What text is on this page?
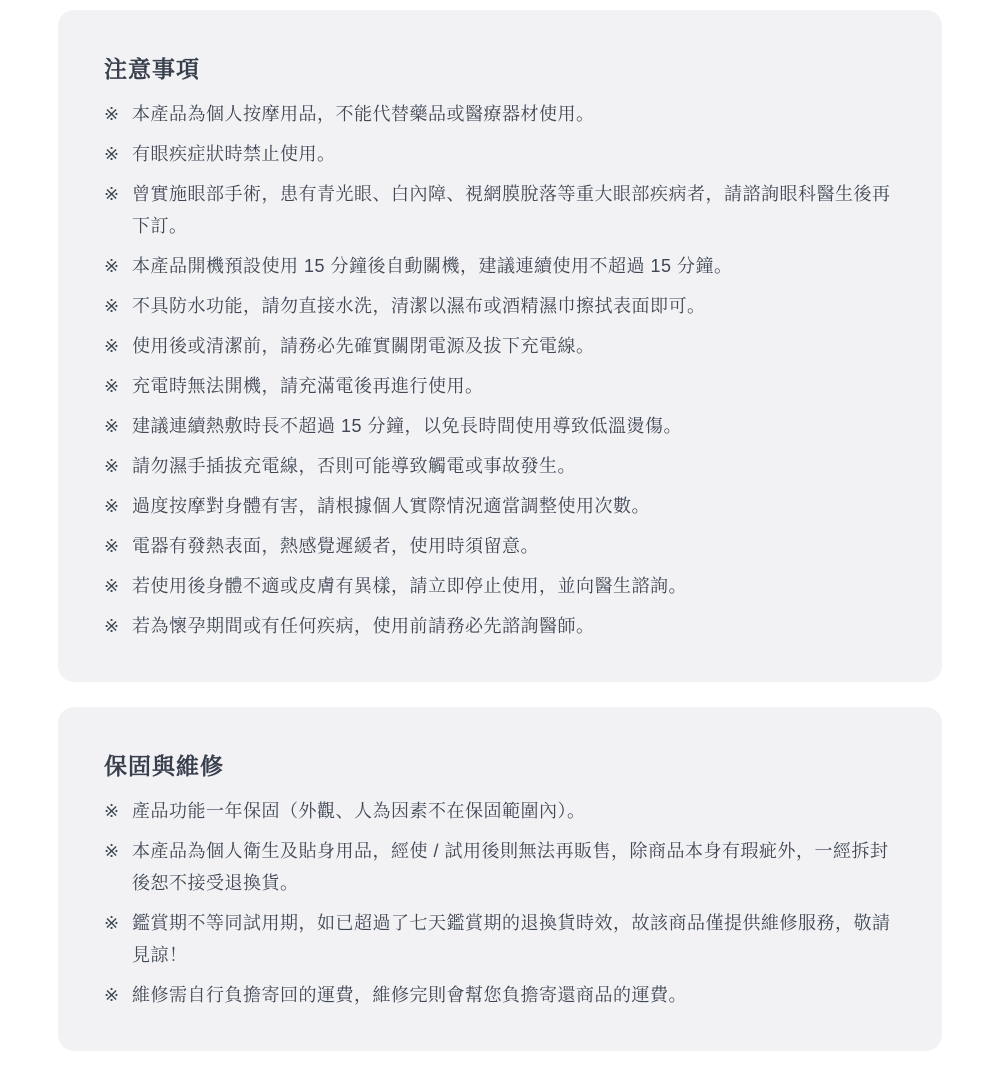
注意事項
※ 本產品為個人按摩用品，不能代替藥品或醫療器材使用。
※ 有眼疾症狀時禁止使用。
※ 曾實施眼部手術，患有青光眼、白內障、視網膜脫落等重大眼部疾病者，請諮詢眼科醫生後再下訂。
※ 本產品開機預設使用 15 分鐘後自動關機，建議連續使用不超過 15 分鐘。
※ 不具防水功能，請勿直接水洗，清潔以濕布或酒精濕巾擦拭表面即可。
※ 使用後或清潔前，請務必先確實關閉電源及拔下充電線。
※ 充電時無法開機，請充滿電後再進行使用。
※ 建議連續熱敷時長不超過 15 分鐘，以免長時間使用導致低溫燙傷。
※ 請勿濕手插拔充電線，否則可能導致觸電或事故發生。
※ 過度按摩對身體有害，請根據個人實際情況適當調整使用次數。
※ 電器有發熱表面，熱感覺遲緩者，使用時須留意。
※ 若使用後身體不適或皮膚有異樣，請立即停止使用，並向醫生諮詢。
※ 若為懷孕期間或有任何疾病，使用前請務必先諮詢醫師。
保固與維修
※ 產品功能一年保固（外觀、人為因素不在保固範圍內）。
※ 本產品為個人衛生及貼身用品，經使 / 試用後則無法再販售，除商品本身有瑕疵外，一經拆封後恕不接受退換貨。
※ 鑑賞期不等同試用期，如已超過了七天鑑賞期的退換貨時效，故該商品僅提供維修服務，敬請見諒！
※ 維修需自行負擔寄回的運費，維修完則會幫您負擔寄還商品的運費。
